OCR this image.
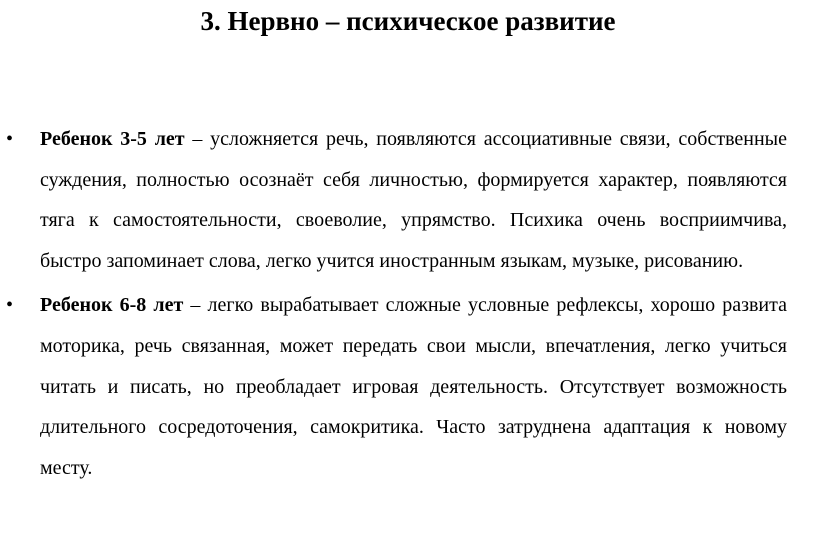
3. Нервно – психическое развитие
• Ребенок 3-5 лет – усложняется речь, появляются ассоциативные связи, собственные суждения, полностью осознаёт себя личностью, формируется характер, появляются тяга к самостоятельности, своеволие, упрямство. Психика очень восприимчива, быстро запоминает слова, легко учится иностранным языкам, музыке, рисованию.
• Ребенок 6-8 лет – легко вырабатывает сложные условные рефлексы, хорошо развита моторика, речь связанная, может передать свои мысли, впечатления, легко учиться читать и писать, но преобладает игровая деятельность. Отсутствует возможность длительного сосредоточения, самокритика. Часто затруднена адаптация к новому месту.
